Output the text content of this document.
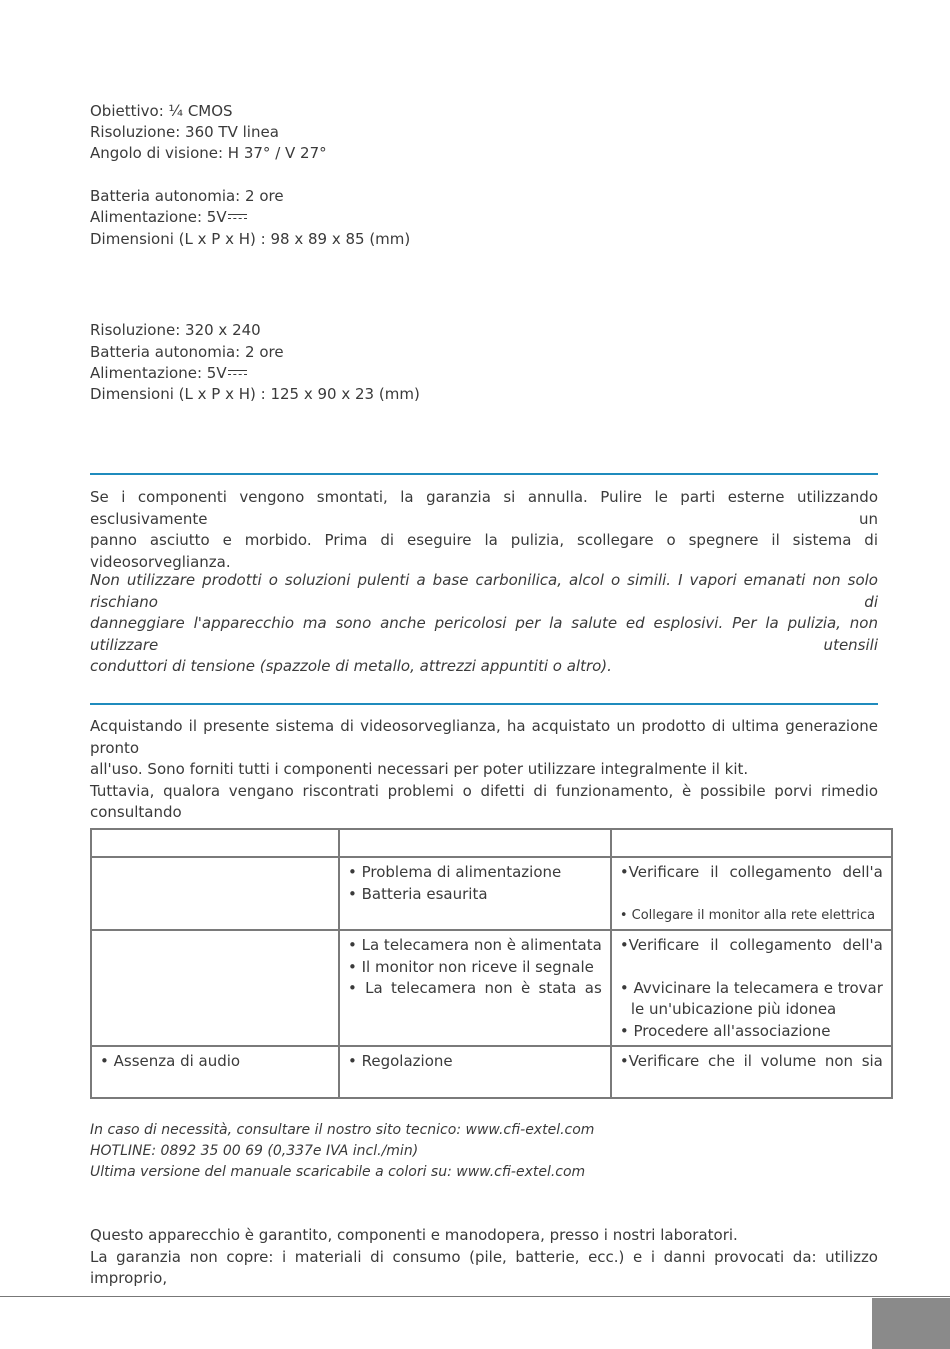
Obiettivo: ¼ CMOS
Risoluzione: 360 TV linea
Angolo di visione: H 37° / V 27°
Batteria autonomia: 2 ore
Alimentazione: 5V
Dimensioni (L x P x H) : 98 x 89 x 85 (mm)
Risoluzione: 320 x 240
Batteria autonomia: 2 ore
Alimentazione: 5V
Dimensioni (L x P x H) : 125 x 90 x 23 (mm)
Se i componenti vengono smontati, la garanzia si annulla. Pulire le parti esterne utilizzando esclusivamente un
panno asciutto e morbido. Prima di eseguire la pulizia, scollegare o spegnere il sistema di videosorveglianza.
Non utilizzare prodotti o soluzioni pulenti a base carbonilica, alcol o simili. I vapori emanati non solo rischiano di
danneggiare l'apparecchio ma sono anche pericolosi per la salute ed esplosivi. Per la pulizia, non utilizzare utensili
conduttori di tensione (spazzole di metallo, attrezzi appuntiti o altro).
Acquistando il presente sistema di videosorveglianza, ha acquistato un prodotto di ultima generazione pronto
all'uso. Sono forniti tutti i componenti necessari per poter utilizzare integralmente il kit.
Tuttavia, qualora vengano riscontrati problemi o difetti di funzionamento, è possibile porvi rimedio consultando

	• Problema di alimentazione
• Batteria esaurita	•Verificare il collegamento dell'a
• Collegare il monitor alla rete elettrica

	• La telecamera non è alimentata
• Il monitor non riceve il segnale
• La telecamera non è stata as	•Verificare il collegamento dell'a
• Avvicinare la telecamera e trovar
le un'ubicazione più idonea
• Procedere all'associazione

• Assenza di audio	• Regolazione	•Verificare che il volume non sia
In caso di necessità, consultare il nostro sito tecnico: www.cfi-extel.com
HOTLINE: 0892 35 00 69 (0,337e IVA incl./min)
Ultima versione del manuale scaricabile a colori su: www.cfi-extel.com
Questo apparecchio è garantito, componenti e manodopera, presso i nostri laboratori.
La garanzia non copre: i materiali di consumo (pile, batterie, ecc.) e i danni provocati da: utilizzo improprio,
